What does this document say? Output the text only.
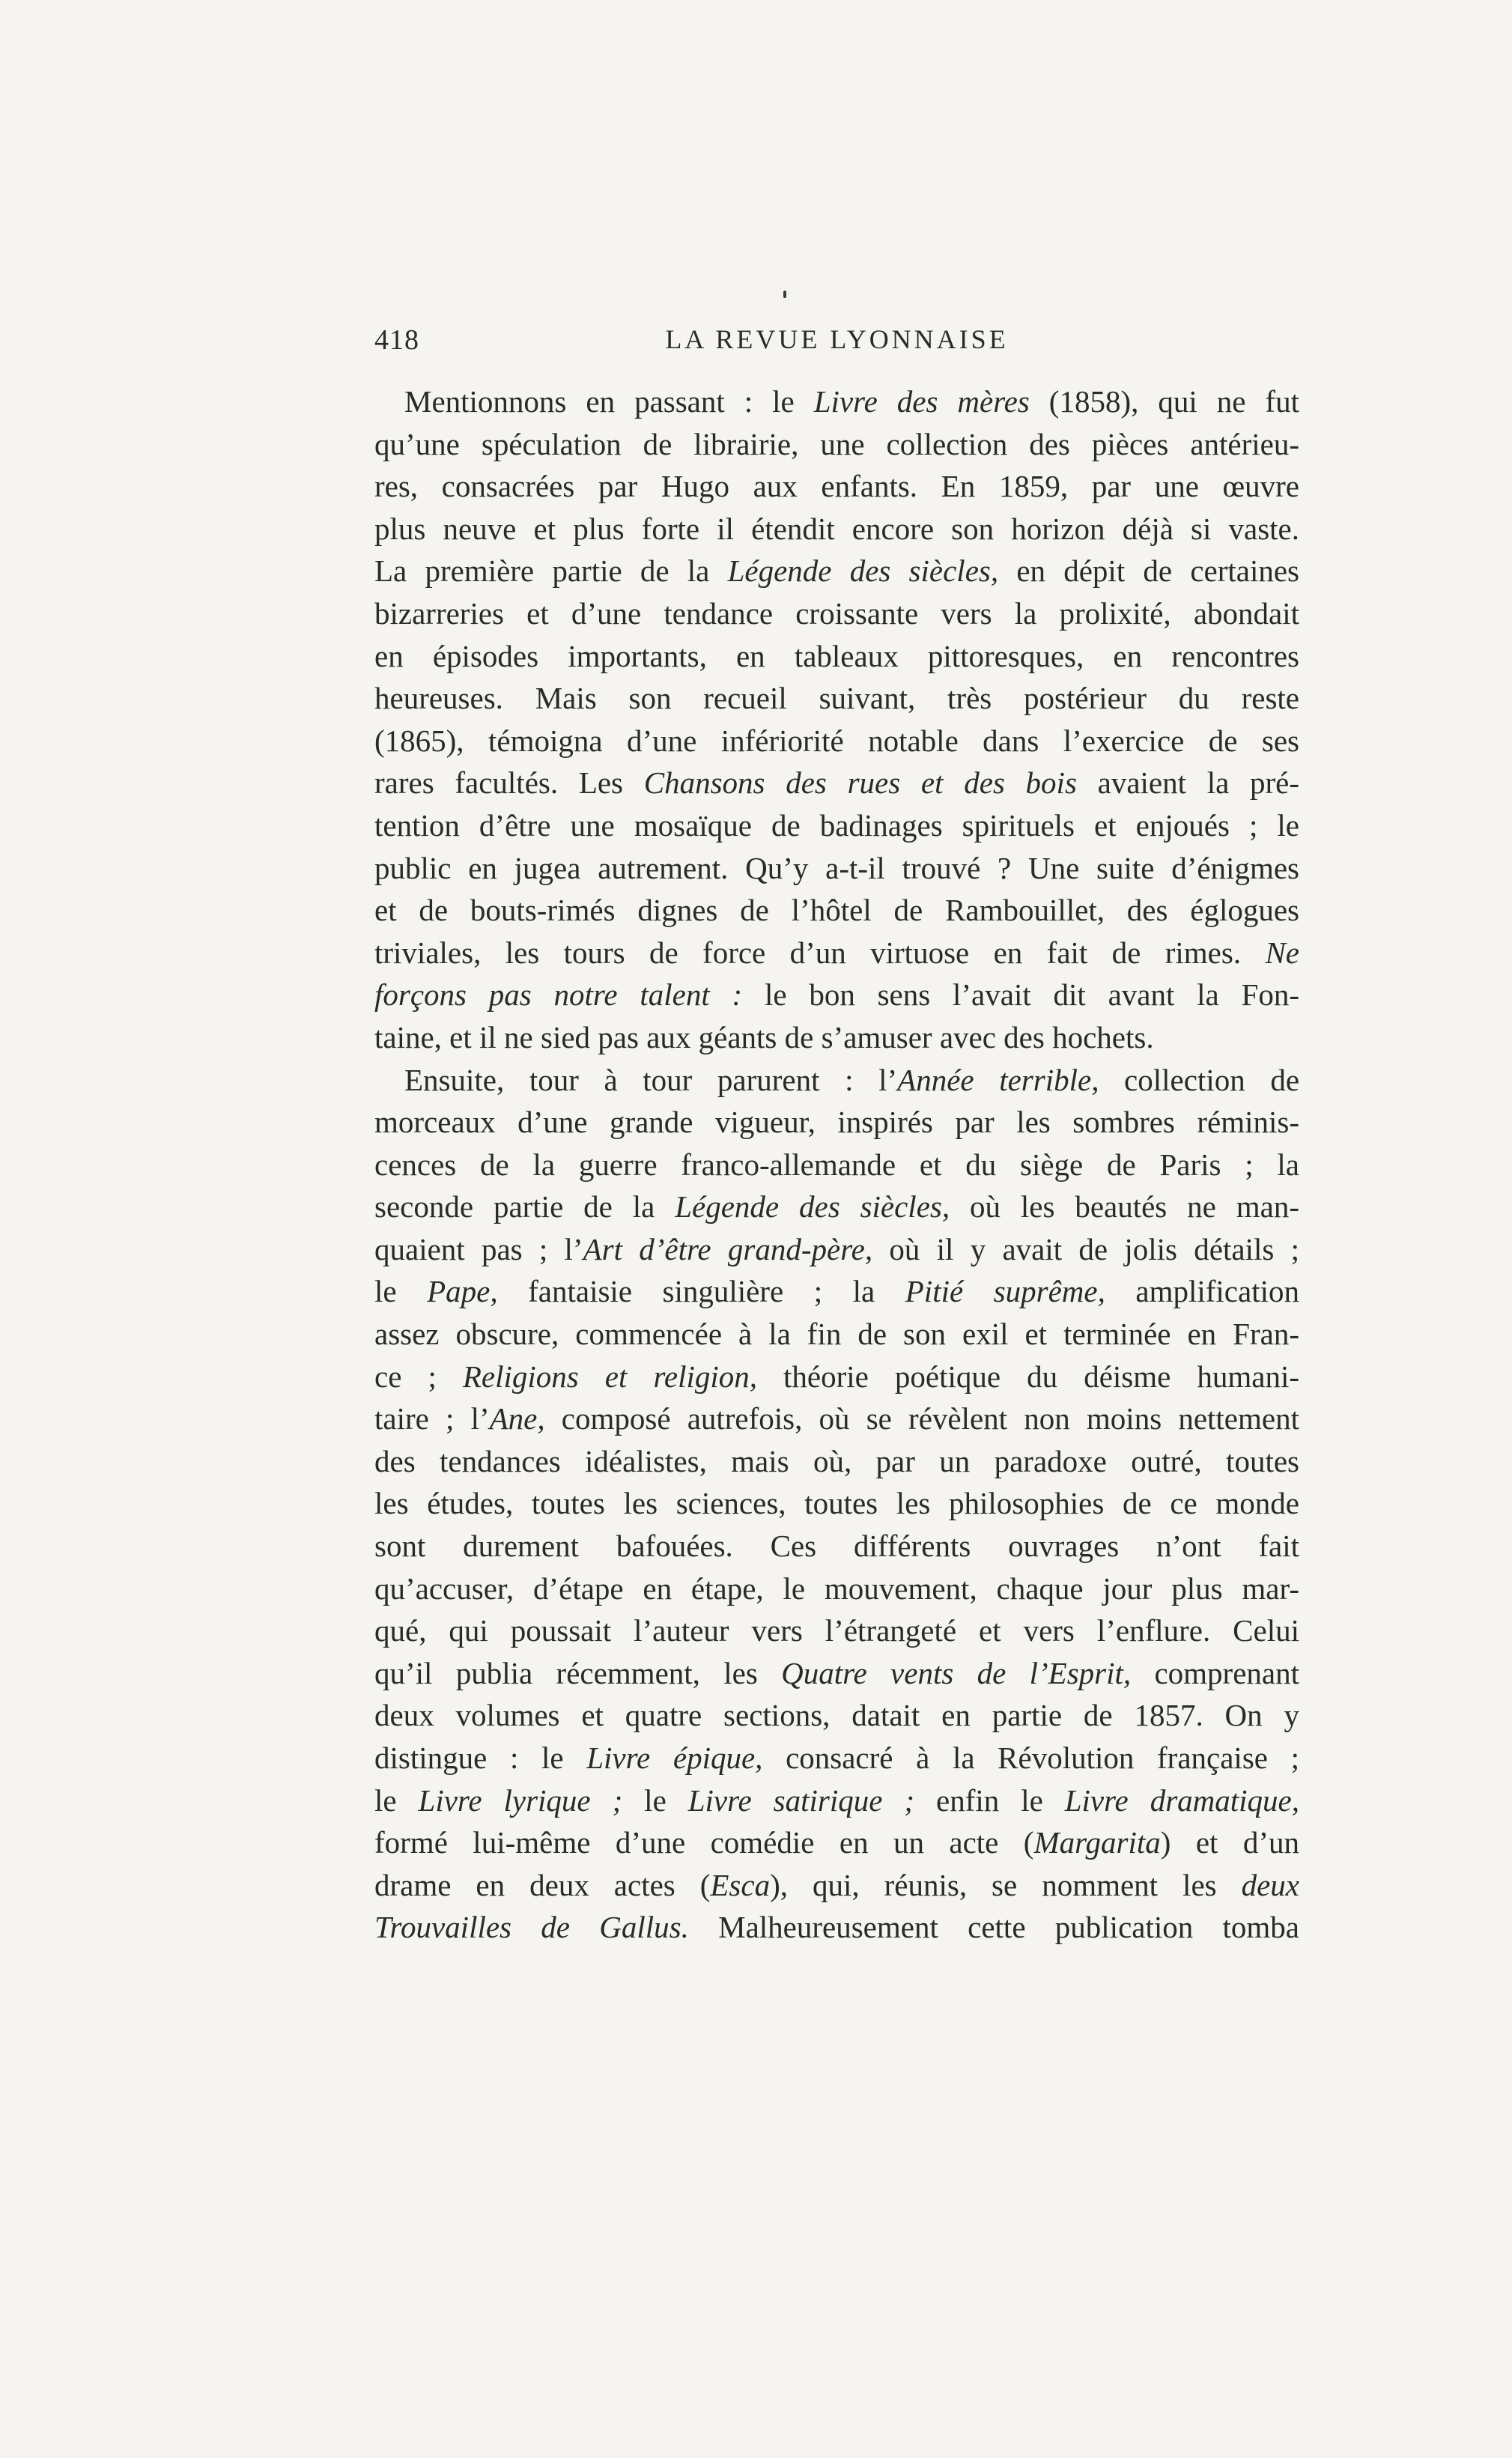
418	LA REVUE LYONNAISE
Mentionnons en passant : le Livre des mères (1858), qui ne fut
qu’une spéculation de librairie, une collection des pièces antérieu-
res, consacrées par Hugo aux enfants. En 1859, par une œuvre
plus neuve et plus forte il étendit encore son horizon déjà si vaste.
La première partie de la Légende des siècles, en dépit de certaines
bizarreries et d’une tendance croissante vers la prolixité, abondait
en épisodes importants, en tableaux pittoresques, en rencontres
heureuses. Mais son recueil suivant, très postérieur du reste
(1865), témoigna d’une infériorité notable dans l’exercice de ses
rares facultés. Les Chansons des rues et des bois avaient la pré-
tention d’être une mosaïque de badinages spirituels et enjoués ; le
public en jugea autrement. Qu’y a-t-il trouvé ? Une suite d’énigmes
et de bouts-rimés dignes de l’hôtel de Rambouillet, des églogues
triviales, les tours de force d’un virtuose en fait de rimes. Ne
forçons pas notre talent : le bon sens l’avait dit avant la Fon-
taine, et il ne sied pas aux géants de s’amuser avec des hochets.
Ensuite, tour à tour parurent : l’Année terrible, collection de
morceaux d’une grande vigueur, inspirés par les sombres réminis-
cences de la guerre franco-allemande et du siège de Paris ; la
seconde partie de la Légende des siècles, où les beautés ne man-
quaient pas ; l’Art d’être grand-père, où il y avait de jolis détails ;
le Pape, fantaisie singulière ; la Pitié suprême, amplification
assez obscure, commencée à la fin de son exil et terminée en Fran-
ce ; Religions et religion, théorie poétique du déisme humani-
taire ; l’Ane, composé autrefois, où se révèlent non moins nettement
des tendances idéalistes, mais où, par un paradoxe outré, toutes
les études, toutes les sciences, toutes les philosophies de ce monde
sont durement bafouées. Ces différents ouvrages n’ont fait
qu’accuser, d’étape en étape, le mouvement, chaque jour plus mar-
qué, qui poussait l’auteur vers l’étrangeté et vers l’enflure. Celui
qu’il publia récemment, les Quatre vents de l’Esprit, comprenant
deux volumes et quatre sections, datait en partie de 1857. On y
distingue : le Livre épique, consacré à la Révolution française ;
le Livre lyrique ; le Livre satirique ; enfin le Livre dramatique,
formé lui-même d’une comédie en un acte (Margarita) et d’un
drame en deux actes (Esca), qui, réunis, se nomment les deux
Trouvailles de Gallus. Malheureusement cette publication tomba
